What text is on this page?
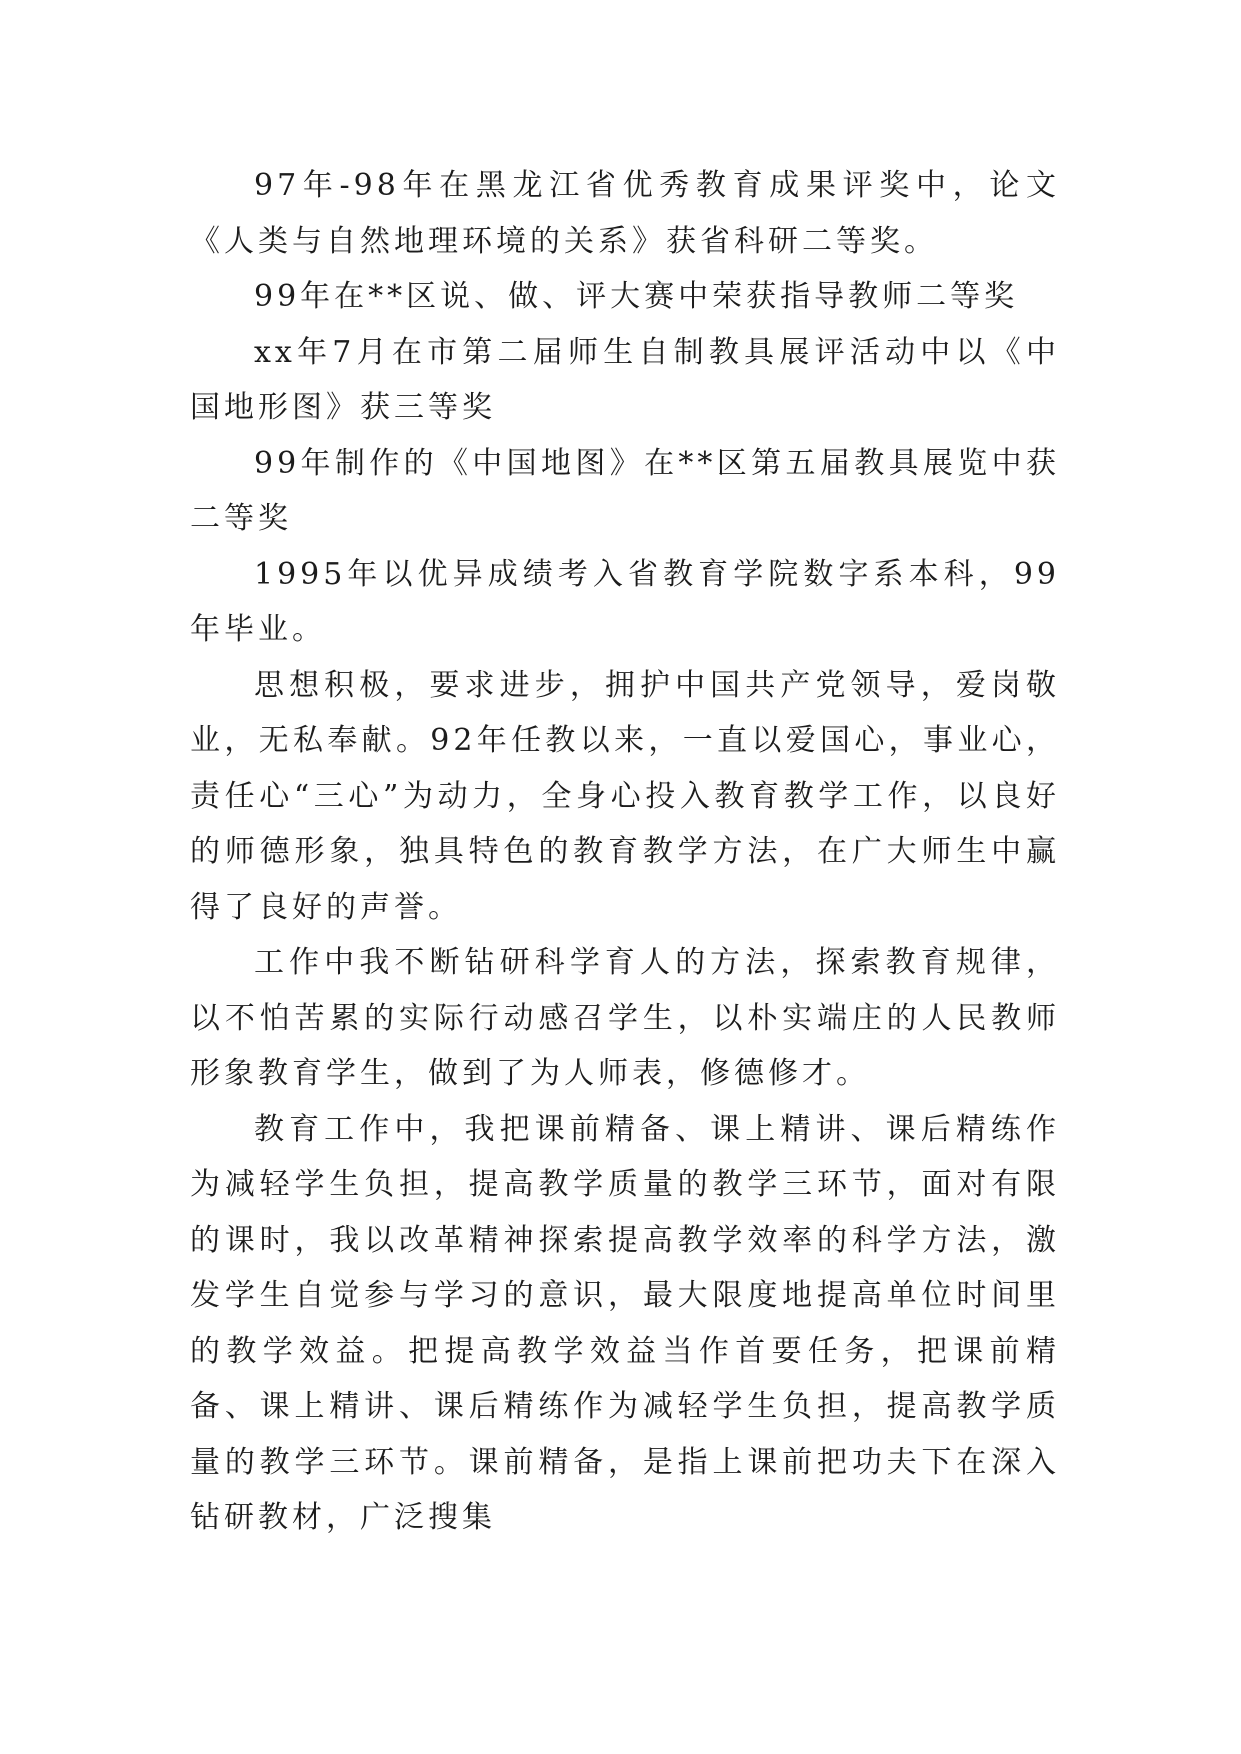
97年-98年在黑龙江省优秀教育成果评奖中，论文《人类与自然地理环境的关系》获省科研二等奖。

99年在**区说、做、评大赛中荣获指导教师二等奖

xx年7月在市第二届师生自制教具展评活动中以《中国地形图》获三等奖

99年制作的《中国地图》在**区第五届教具展览中获二等奖

1995年以优异成绩考入省教育学院数字系本科，99年毕业。

思想积极，要求进步，拥护中国共产党领导，爱岗敬业，无私奉献。92年任教以来，一直以爱国心，事业心，责任心“三心”为动力，全身心投入教育教学工作，以良好的师德形象，独具特色的教育教学方法，在广大师生中赢得了良好的声誉。

工作中我不断钻研科学育人的方法，探索教育规律，以不怕苦累的实际行动感召学生，以朴实端庄的人民教师形象教育学生，做到了为人师表，修德修才。

教育工作中，我把课前精备、课上精讲、课后精练作为减轻学生负担，提高教学质量的教学三环节，面对有限的课时，我以改革精神探索提高教学效率的科学方法，激发学生自觉参与学习的意识，最大限度地提高单位时间里的教学效益。把提高教学效益当作首要任务，把课前精备、课上精讲、课后精练作为减轻学生负担，提高教学质量的教学三环节。课前精备，是指上课前把功夫下在深入钻研教材，广泛搜集
